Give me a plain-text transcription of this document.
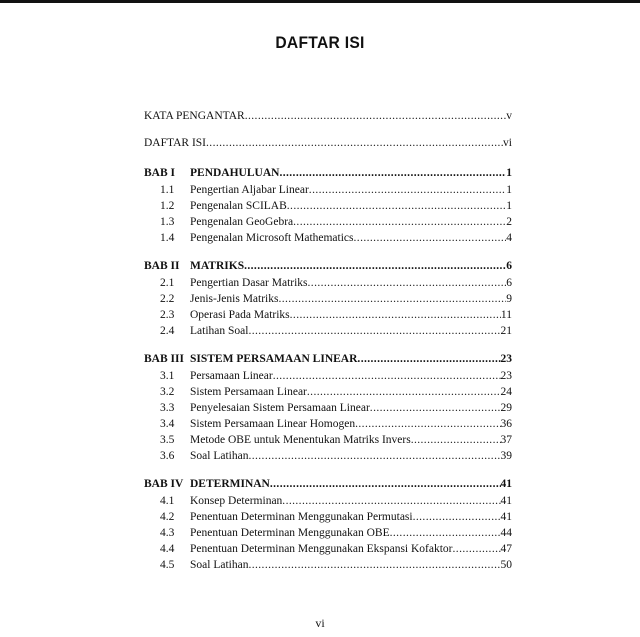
DAFTAR ISI
KATA PENGANTAR .....	v
DAFTAR ISI .....	vi
BAB I	PENDAHULUAN .....	1
1.1 Pengertian Aljabar Linear .....	1
1.2 Pengenalan SCILAB .....	1
1.3 Pengenalan GeoGebra .....	2
1.4 Pengenalan Microsoft Mathematics .....	4
BAB II MATRIKS .....	6
2.1 Pengertian Dasar Matriks .....	6
2.2 Jenis-Jenis Matriks .....	9
2.3 Operasi Pada Matriks .....	11
2.4 Latihan Soal .....	21
BAB III SISTEM PERSAMAAN LINEAR .....	23
3.1 Persamaan Linear .....	23
3.2 Sistem Persamaan Linear .....	24
3.3 Penyelesaian Sistem Persamaan Linear .....	29
3.4 Sistem Persamaan Linear Homogen .....	36
3.5 Metode OBE untuk Menentukan Matriks Invers .....	37
3.6 Soal Latihan .....	39
BAB IV DETERMINAN .....	41
4.1 Konsep Determinan .....	41
4.2 Penentuan Determinan Menggunakan Permutasi .....	41
4.3 Penentuan Determinan Menggunakan OBE .....	44
4.4 Penentuan Determinan Menggunakan Ekspansi Kofaktor .....	47
4.5 Soal Latihan .....	50
vi
